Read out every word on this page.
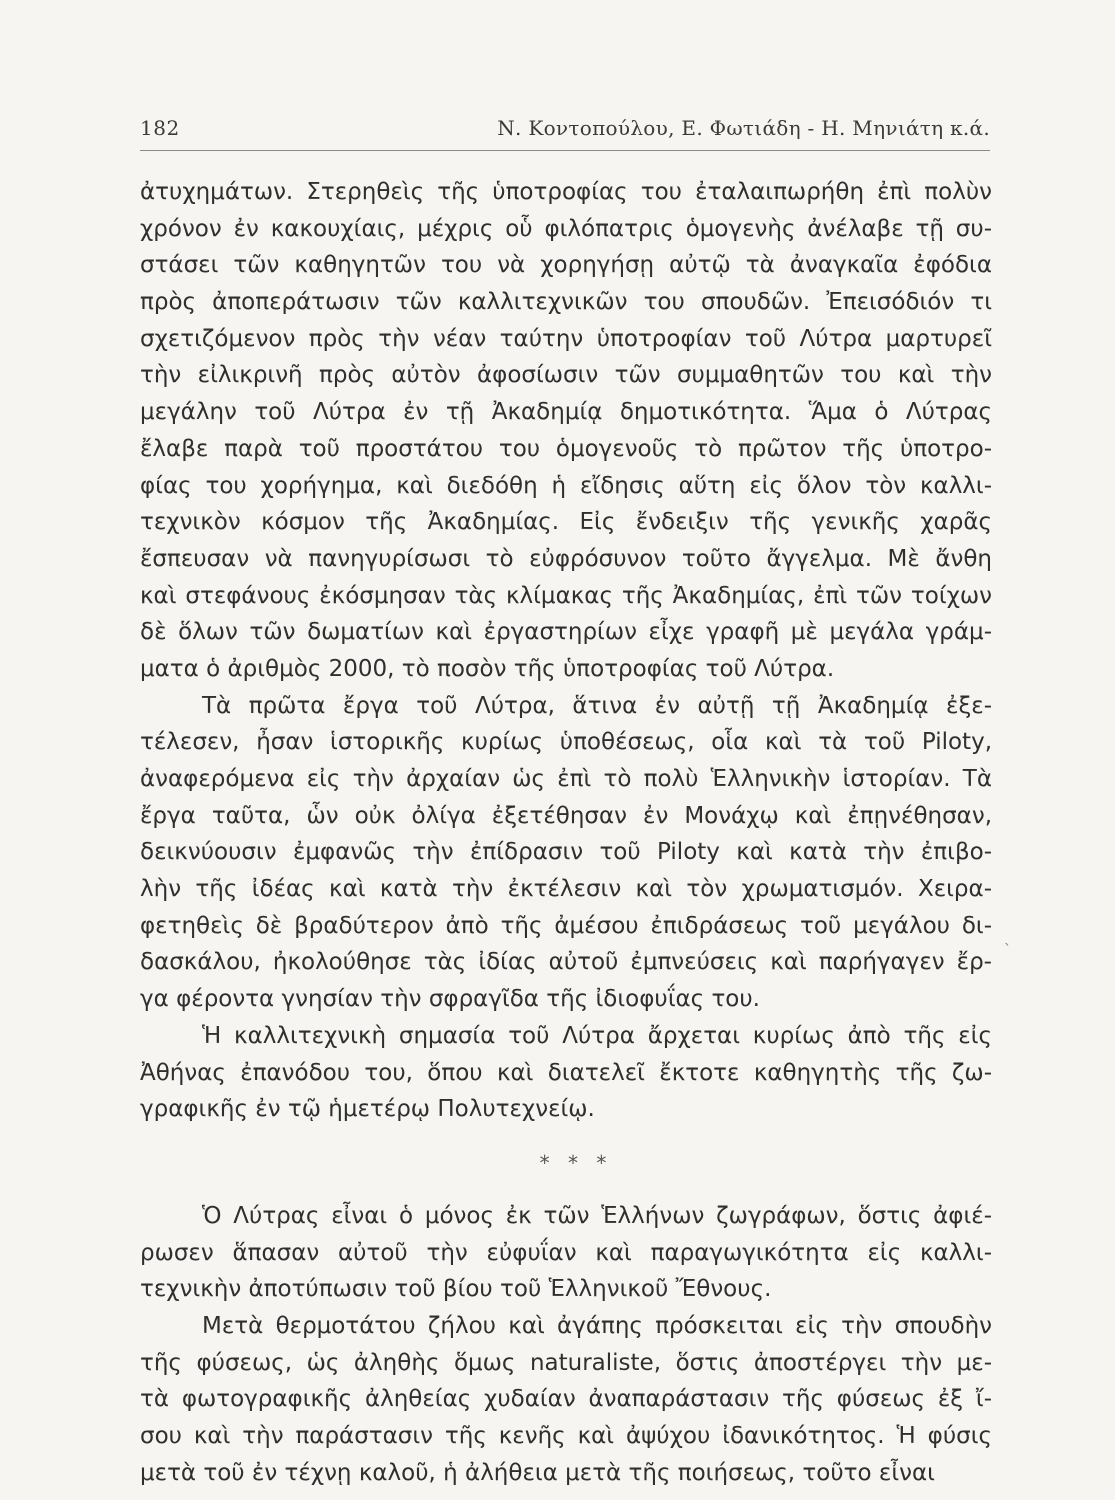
182	Ν. Κοντοπούλου, Ε. Φωτιάδη - Η. Μηνιάτη κ.ά.
ἀτυχημάτων. Στερηθεὶς τῆς ὑποτροφίας του ἐταλαιπωρήθη ἐπὶ πολὺν
χρόνον ἐν κακουχίαις, μέχρις οὗ φιλόπατρις ὁμογενὴς ἀνέλαβε τῇ συ-
στάσει τῶν καθηγητῶν του νὰ χορηγήσῃ αὐτῷ τὰ ἀναγκαῖα ἐφόδια
πρὸς ἀποπεράτωσιν τῶν καλλιτεχνικῶν του σπουδῶν. Ἐπεισόδιόν τι
σχετιζόμενον πρὸς τὴν νέαν ταύτην ὑποτροφίαν τοῦ Λύτρα μαρτυρεῖ
τὴν εἰλικρινῆ πρὸς αὐτὸν ἀφοσίωσιν τῶν συμμαθητῶν του καὶ τὴν
μεγάλην τοῦ Λύτρα ἐν τῇ Ἀκαδημίᾳ δημοτικότητα. Ἅμα ὁ Λύτρας
ἔλαβε παρὰ τοῦ προστάτου του ὁμογενοῦς τὸ πρῶτον τῆς ὑποτρο-
φίας του χορήγημα, καὶ διεδόθη ἡ εἴδησις αὕτη εἰς ὅλον τὸν καλλι-
τεχνικὸν κόσμον τῆς Ἀκαδημίας. Εἰς ἔνδειξιν τῆς γενικῆς χαρᾶς
ἔσπευσαν νὰ πανηγυρίσωσι τὸ εὐφρόσυνον τοῦτο ἄγγελμα. Μὲ ἄνθη
καὶ στεφάνους ἐκόσμησαν τὰς κλίμακας τῆς Ἀκαδημίας, ἐπὶ τῶν τοίχων
δὲ ὅλων τῶν δωματίων καὶ ἐργαστηρίων εἶχε γραφῆ μὲ μεγάλα γράμ-
ματα ὁ ἀριθμὸς 2000, τὸ ποσὸν τῆς ὑποτροφίας τοῦ Λύτρα.
Τὰ πρῶτα ἔργα τοῦ Λύτρα, ἅτινα ἐν αὐτῇ τῇ Ἀκαδημίᾳ ἐξε-
τέλεσεν, ἦσαν ἱστορικῆς κυρίως ὑποθέσεως, οἷα καὶ τὰ τοῦ Piloty,
ἀναφερόμενα εἰς τὴν ἀρχαίαν ὡς ἐπὶ τὸ πολὺ Ἑλληνικὴν ἱστορίαν. Τὰ
ἔργα ταῦτα, ὧν οὐκ ὀλίγα ἐξετέθησαν ἐν Μονάχῳ καὶ ἐπῃνέθησαν,
δεικνύουσιν ἐμφανῶς τὴν ἐπίδρασιν τοῦ Piloty καὶ κατὰ τὴν ἐπιβο-
λὴν τῆς ἰδέας καὶ κατὰ τὴν ἐκτέλεσιν καὶ τὸν χρωματισμόν. Χειρα-
φετηθεὶς δὲ βραδύτερον ἀπὸ τῆς ἀμέσου ἐπιδράσεως τοῦ μεγάλου δι-
δασκάλου, ἠκολούθησε τὰς ἰδίας αὐτοῦ ἐμπνεύσεις καὶ παρήγαγεν ἔρ-
γα φέροντα γνησίαν τὴν σφραγῖδα τῆς ἰδιοφυΐας του.
Ἡ καλλιτεχνικὴ σημασία τοῦ Λύτρα ἄρχεται κυρίως ἀπὸ τῆς εἰς
Ἀθήνας ἐπανόδου του, ὅπου καὶ διατελεῖ ἔκτοτε καθηγητὴς τῆς ζω-
γραφικῆς ἐν τῷ ἡμετέρῳ Πολυτεχνείῳ.
* * *
Ὁ Λύτρας εἶναι ὁ μόνος ἐκ τῶν Ἑλλήνων ζωγράφων, ὅστις ἀφιέ-
ρωσεν ἅπασαν αὐτοῦ τὴν εὐφυΐαν καὶ παραγωγικότητα εἰς καλλι-
τεχνικὴν ἀποτύπωσιν τοῦ βίου τοῦ Ἑλληνικοῦ Ἔθνους.
Μετὰ θερμοτάτου ζήλου καὶ ἀγάπης πρόσκειται εἰς τὴν σπουδὴν
τῆς φύσεως, ὡς ἀληθὴς ὅμως naturaliste, ὅστις ἀποστέργει τὴν με-
τὰ φωτογραφικῆς ἀληθείας χυδαίαν ἀναπαράστασιν τῆς φύσεως ἐξ ἴ-
σου καὶ τὴν παράστασιν τῆς κενῆς καὶ ἀψύχου ἰδανικότητος. Ἡ φύσις
μετὰ τοῦ ἐν τέχνῃ καλοῦ, ἡ ἀλήθεια μετὰ τῆς ποιήσεως, τοῦτο εἶναι
ˎ
